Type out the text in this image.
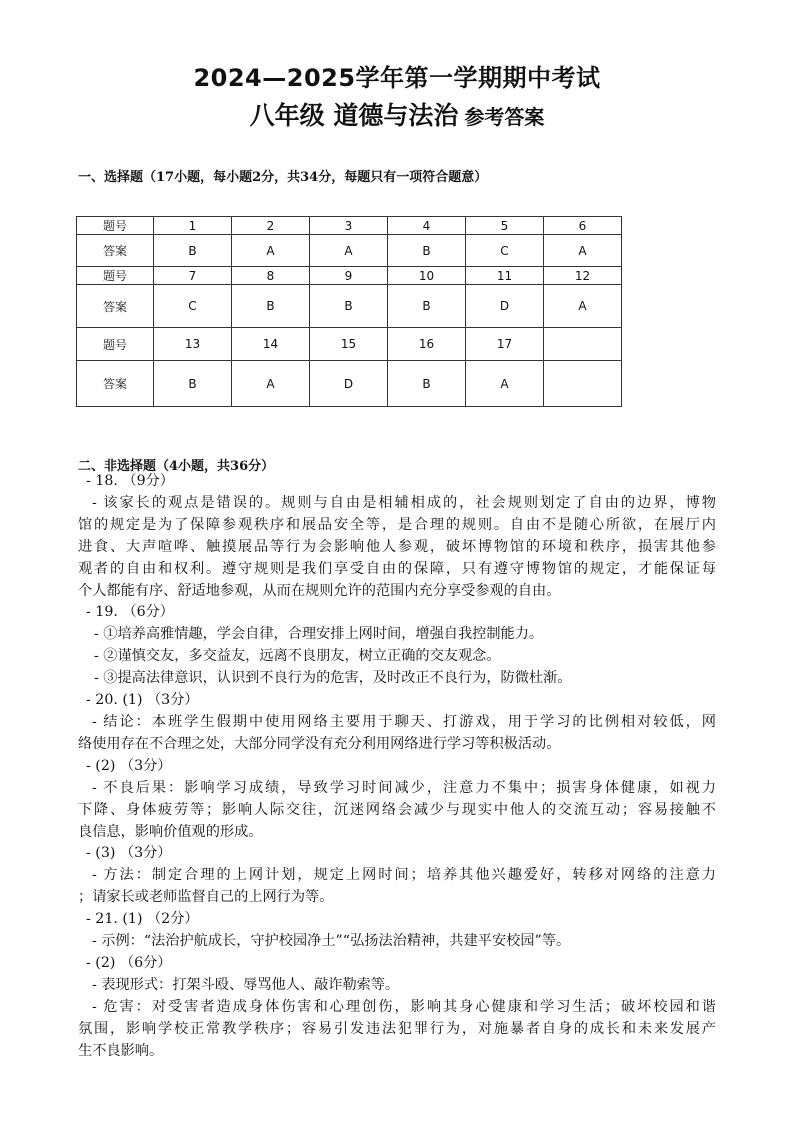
2024—2025学年第一学期期中考试
八年级 道德与法治 参考答案
一、选择题（17小题，每小题2分，共34分，每题只有一项符合题意）
题号	1	2	3	4	5	6
答案	B	A	A	B	C	A
题号	7	8	9	10	11	12
答案	C	B	B	B	D	A
题号	13	14	15	16	17	
答案	B	A	D	B	A	
二、非选择题（4小题，共36分）

- 18. （9分）

- 该家长的观点是错误的。规则与自由是相辅相成的，社会规则划定了自由的边界，博物

馆的规定是为了保障参观秩序和展品安全等，是合理的规则。自由不是随心所欲，在展厅内

进食、大声喧哗、触摸展品等行为会影响他人参观，破坏博物馆的环境和秩序，损害其他参

观者的自由和权利。遵守规则是我们享受自由的保障，只有遵守博物馆的规定，才能保证每

个人都能有序、舒适地参观，从而在规则允许的范围内充分享受参观的自由。

- 19. （6分）

- ①培养高雅情趣，学会自律，合理安排上网时间，增强自我控制能力。

- ②谨慎交友，多交益友，远离不良朋友，树立正确的交友观念。

- ③提高法律意识，认识到不良行为的危害，及时改正不良行为，防微杜渐。

- 20. (1) （3分）

- 结论：本班学生假期中使用网络主要用于聊天、打游戏，用于学习的比例相对较低，网

络使用存在不合理之处，大部分同学没有充分利用网络进行学习等积极活动。

- (2) （3分）

- 不良后果：影响学习成绩，导致学习时间减少，注意力不集中；损害身体健康，如视力

下降、身体疲劳等；影响人际交往，沉迷网络会减少与现实中他人的交流互动；容易接触不

良信息，影响价值观的形成。

- (3) （3分）

- 方法：制定合理的上网计划，规定上网时间；培养其他兴趣爱好，转移对网络的注意力

；请家长或老师监督自己的上网行为等。

- 21. (1) （2分）

- 示例：“法治护航成长，守护校园净土”“弘扬法治精神，共建平安校园”等。

- (2) （6分）

- 表现形式：打架斗殴、辱骂他人、敲诈勒索等。

- 危害：对受害者造成身体伤害和心理创伤，影响其身心健康和学习生活；破坏校园和谐

氛围，影响学校正常教学秩序；容易引发违法犯罪行为，对施暴者自身的成长和未来发展产

生不良影响。
